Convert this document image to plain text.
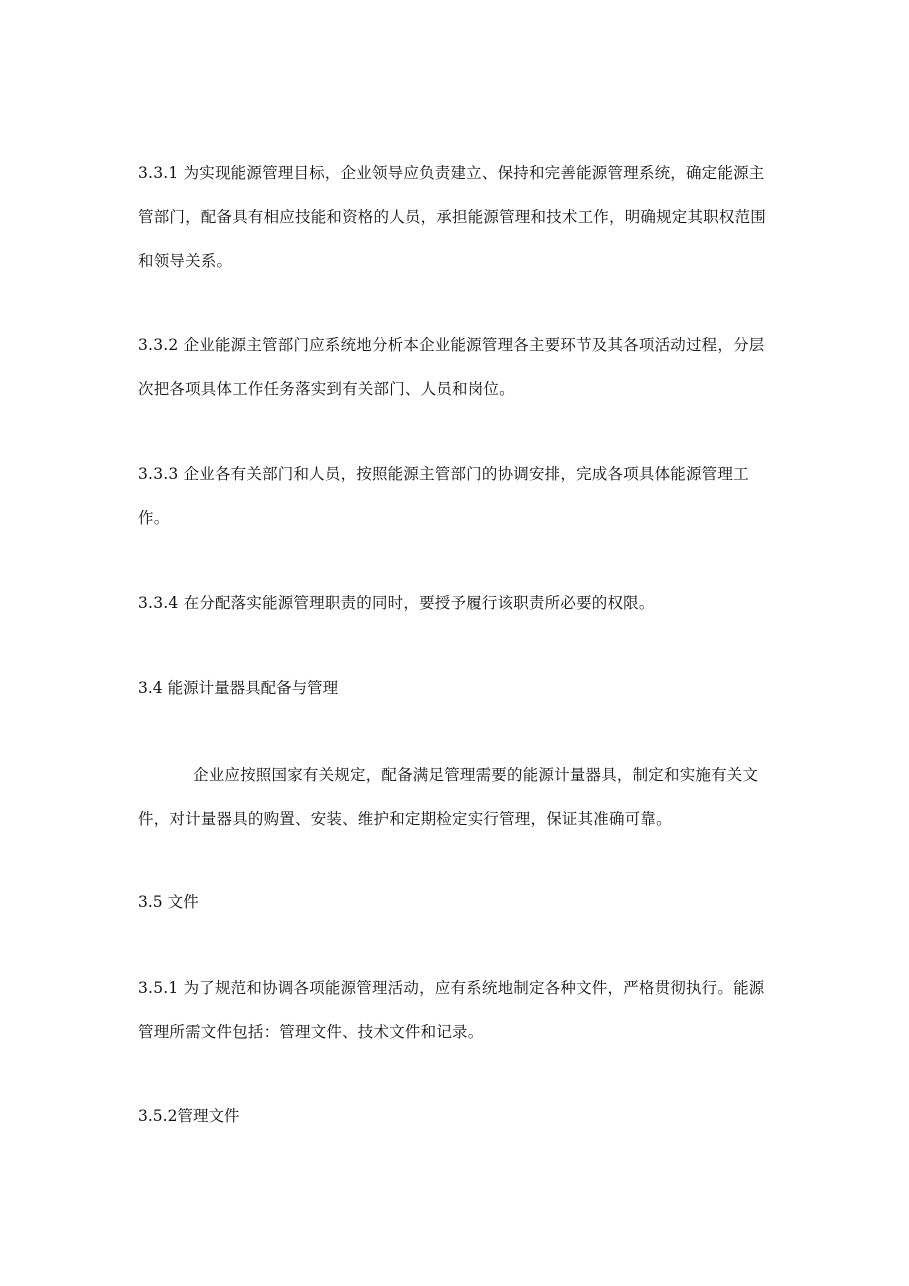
3.3.1 为实现能源管理目标，企业领导应负责建立、保持和完善能源管理系统，确定能源主管部门，配备具有相应技能和资格的人员，承担能源管理和技术工作，明确规定其职权范围和领导关系。

3.3.2 企业能源主管部门应系统地分析本企业能源管理各主要环节及其各项活动过程，分层次把各项具体工作任务落实到有关部门、人员和岗位。

3.3.3 企业各有关部门和人员，按照能源主管部门的协调安排，完成各项具体能源管理工作。

3.3.4 在分配落实能源管理职责的同时，要授予履行该职责所必要的权限。

3.4 能源计量器具配备与管理

企业应按照国家有关规定，配备满足管理需要的能源计量器具，制定和实施有关文件，对计量器具的购置、安装、维护和定期检定实行管理，保证其准确可靠。

3.5 文件

3.5.1 为了规范和协调各项能源管理活动，应有系统地制定各种文件，严格贯彻执行。能源管理所需文件包括：管理文件、技术文件和记录。

3.5.2管理文件
